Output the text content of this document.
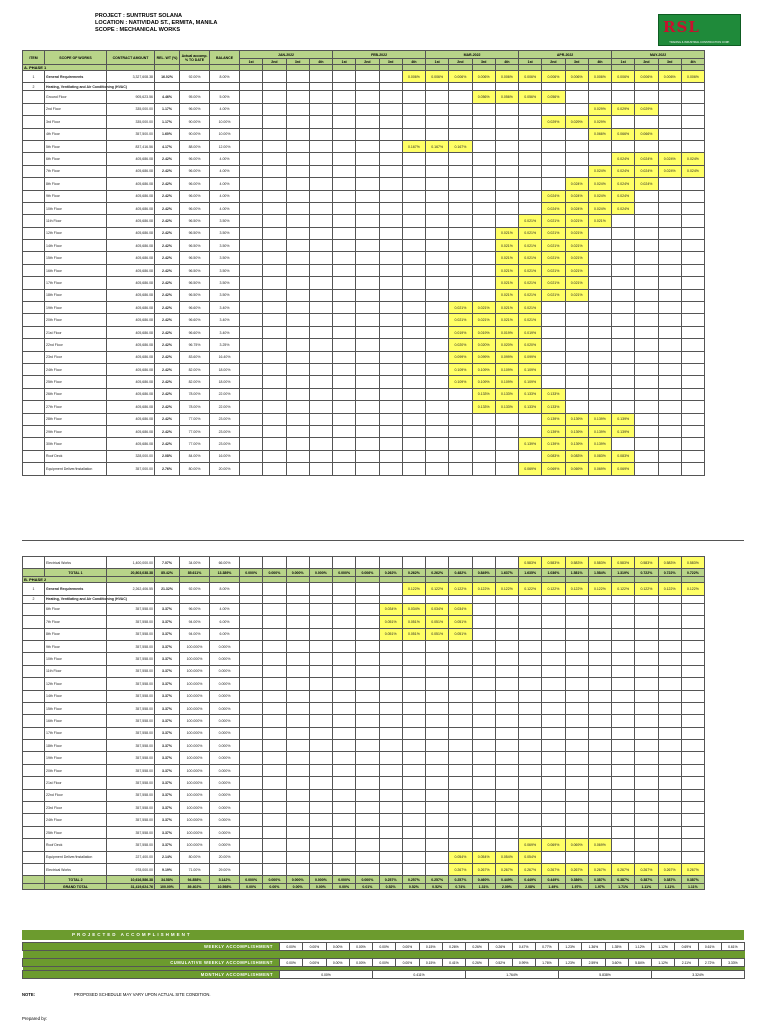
PROJECT : SUNTRUST SOLANA
LOCATION : NATIVIDAD ST., ERMITA, MANILA
SCOPE : MECHANICAL WORKS	RSL
TRADING & INDUSTRIAL CONSTRUCTION CORP.
ITEM	SCOPE OF WORKS	CONTRACT AMOUNT	REL. WT (%)	Actual accomp. % TO DATE	BALANCE	JAN-2022				FEB-2022				MAR-2022				APR-2022				MAY-2022			
						1st	2nd	3rd	4th	1st	2nd	3rd	4th	1st	2nd	3rd	4th	1st	2nd	3rd	4th	1st	2nd	3rd	4th
A. PHASE 1																									
1	General Requirements	3,327,608.38	16.02%	92.00%	8.00%								0.006%	0.006%	0.006%	0.006%	0.006%	0.006%	0.006%	0.006%	0.006%	0.006%	0.006%	0.006%	0.006%
2	Heating, Ventilating and Air Conditioning (HVAC)																								
	Ground Floor	905,623.56	4.46%	95.00%	5.00%											0.056%	0.056%	0.056%	0.056%						
	2nd Floor	335,000.00	1.17%	96.00%	4.00%																0.029%	0.029%	0.029%		
	3rd Floor	335,000.00	1.17%	90.00%	10.00%														0.029%	0.029%	0.029%				
	4th Floor	357,500.00	1.60%	90.00%	10.00%																0.066%	0.066%	0.066%		
	5th Floor	837,416.56	4.17%	88.00%	12.00%								0.167%	0.167%	0.167%										
	6th Floor	405,686.08	2.42%	96.00%	4.00%																	0.024%	0.024%	0.024%	0.024%
	7th Floor	405,686.08	2.42%	96.00%	4.00%																0.024%	0.024%	0.024%	0.024%	0.024%
	8th Floor	405,686.08	2.42%	96.00%	4.00%															0.024%	0.024%	0.024%	0.024%		
	9th Floor	405,686.08	2.42%	96.00%	4.00%														0.024%	0.024%	0.024%	0.024%			
	10th Floor	405,686.08	2.42%	96.00%	4.00%														0.024%	0.024%	0.024%	0.024%			
	11th Floor	405,686.08	2.42%	96.50%	3.50%													0.021%	0.021%	0.021%	0.021%				
	12th Floor	405,686.08	2.42%	96.50%	3.50%												0.021%	0.021%	0.021%	0.021%					
	14th Floor	405,686.08	2.42%	96.50%	3.50%												0.021%	0.021%	0.021%	0.021%					
	15th Floor	405,686.08	2.42%	96.50%	3.50%												0.021%	0.021%	0.021%	0.021%					
	16th Floor	405,686.08	2.42%	96.50%	3.50%												0.021%	0.021%	0.021%	0.021%					
	17th Floor	405,686.08	2.42%	96.50%	3.50%												0.021%	0.021%	0.021%	0.021%					
	18th Floor	405,686.08	2.42%	96.50%	3.50%												0.021%	0.021%	0.021%	0.021%					
	19th Floor	405,686.08	2.42%	96.60%	3.40%										0.021%	0.021%	0.021%	0.021%							
	20th Floor	405,686.08	2.42%	96.60%	3.40%										0.021%	0.021%	0.021%	0.021%							
	21st Floor	405,686.08	2.42%	96.60%	3.40%										0.019%	0.019%	0.019%	0.019%							
	22nd Floor	405,686.08	2.42%	96.75%	3.25%										0.020%	0.020%	0.020%	0.020%							
	23rd Floor	405,686.08	2.42%	83.60%	16.40%										0.099%	0.099%	0.099%	0.099%							
	24th Floor	405,686.08	2.42%	82.00%	18.00%										0.109%	0.109%	0.109%	0.109%							
	25th Floor	405,686.08	2.42%	82.00%	18.00%										0.109%	0.109%	0.109%	0.109%							
	26th Floor	405,686.08	2.42%	78.00%	22.00%											0.133%	0.133%	0.133%	0.133%						
	27th Floor	405,686.08	2.42%	78.00%	22.00%											0.133%	0.133%	0.133%	0.133%						
	28th Floor	405,686.08	2.42%	77.00%	23.00%														0.139%	0.139%	0.139%	0.139%			
	29th Floor	405,686.08	2.42%	77.00%	23.00%														0.139%	0.139%	0.139%	0.139%			
	30th Floor	405,686.08	2.42%	77.00%	23.00%													0.139%	0.139%	0.139%	0.139%				
	Roof Deck	328,000.00	2.08%	84.00%	16.00%														0.083%	0.083%	0.083%	0.083%			
	Equipment Deliver/Installation	357,000.00	2.76%	80.00%	20.00%													0.069%	0.069%	0.069%	0.069%	0.069%			
	Electrical Works	1,400,000.00	7.07%	34.00%	66.00%													0.583%	0.583%	0.583%	0.583%	0.583%	0.583%	0.583%	0.583%
	TOTAL 1	20,803,038.38	85.42%	85.611%	13.389%	0.000%	0.000%	0.000%	0.000%	0.000%	0.006%	0.262%	0.262%	0.262%	0.482%	0.849%	1.637%	1.635%	1.036%	1.581%	1.584%	1.319%	0.722%	0.722%	0.722%
B. PHASE 2																									
1	General Requirements	2,262,406.55	21.32%	92.00%	8.00%								0.122%	0.122%	0.122%	0.122%	0.122%	0.122%	0.122%	0.122%	0.122%	0.122%	0.122%	0.122%	0.122%
2	Heating, Ventilating and Air Conditioning (HVAC)																								
	6th Floor	357,558.00	3.37%	96.00%	4.00%							0.034%	0.034%	0.034%	0.034%										
	7th Floor	357,558.00	3.37%	94.00%	6.00%							0.051%	0.051%	0.051%	0.051%										
	8th Floor	357,558.00	3.37%	94.00%	6.00%							0.051%	0.051%	0.051%	0.051%										
	9th Floor	357,558.00	3.37%	100.000%	0.000%																				
	10th Floor	357,558.00	3.37%	100.000%	0.000%																				
	11th Floor	357,558.00	3.37%	100.000%	0.000%																				
	12th Floor	357,558.00	3.37%	100.000%	0.000%																				
	14th Floor	357,558.00	3.37%	100.000%	0.000%																				
	15th Floor	357,558.00	3.37%	100.000%	0.000%																				
	16th Floor	357,558.00	3.37%	100.000%	0.000%																				
	17th Floor	357,558.00	3.37%	100.000%	0.000%																				
	18th Floor	357,558.00	3.37%	100.000%	0.000%																				
	19th Floor	357,558.00	3.37%	100.000%	0.000%																				
	20th Floor	357,558.00	3.37%	100.000%	0.000%																				
	21st Floor	357,558.00	3.37%	100.000%	0.000%																				
	22nd Floor	357,558.00	3.37%	100.000%	0.000%																				
	23rd Floor	357,558.00	3.37%	100.000%	0.000%																				
	24th Floor	357,558.00	3.37%	100.000%	0.000%																				
	25th Floor	357,558.00	3.37%	100.000%	0.000%																				
	Roof Deck	357,558.00	3.37%	100.000%	0.000%													0.069%	0.069%	0.069%	0.069%				
	Equipment Deliver/Installation	227,400.00	2.14%	80.00%	20.00%										0.054%	0.054%	0.054%	0.054%							
	Electrical Works	978,000.00	9.19%	71.00%	29.00%										0.267%	0.267%	0.267%	0.267%	0.267%	0.267%	0.267%	0.267%	0.267%	0.267%	0.267%
	TOTAL 2	10,616,586.38	34.58%	94.858%	5.142%	0.000%	0.000%	0.000%	0.000%	0.000%	0.000%	0.257%	0.257%	0.257%	0.257%	0.460%	0.449%	0.449%	0.449%	0.386%	0.387%	0.387%	0.387%	0.387%	0.387%
	GRAND TOTAL	31,419,624.76	100.00%	89.402%	10.598%	0.00%	0.00%	0.00%	0.00%	0.00%	0.01%	0.52%	0.52%	0.52%	0.74%	1.31%	2.09%	2.08%	1.49%	1.97%	1.97%	1.71%	1.11%	1.11%	1.11%
PROJECTED ACCOMPLISHMENT
WEEKLY ACCOMPLISHMENT	0.00%	0.00%	0.00%	0.00%	0.00%	0.00%	0.15%	0.26%	0.26%	0.26%	0.47%	0.77%	1.23%	1.36%	1.35%	1.12%	1.12%	0.69%	0.61%	0.61%

CUMULATIVE WEEKLY ACCOMPLISHMENT	0.00%	0.00%	0.00%	0.00%	0.00%	0.00%	0.15%	0.41%	0.26%	0.52%	0.99%	1.76%	1.23%	2.59%	3.60%	5.84%	1.12%	2.11%	2.72%	3.33%

MONTHLY ACCOMPLISHMENT	0.00%				0.411%				1.764%				5.838%				3.324%			
NOTE:	PROPOSED SCHEDULE MAY VARY UPON ACTUAL SITE CONDITION.
Prepared by:
